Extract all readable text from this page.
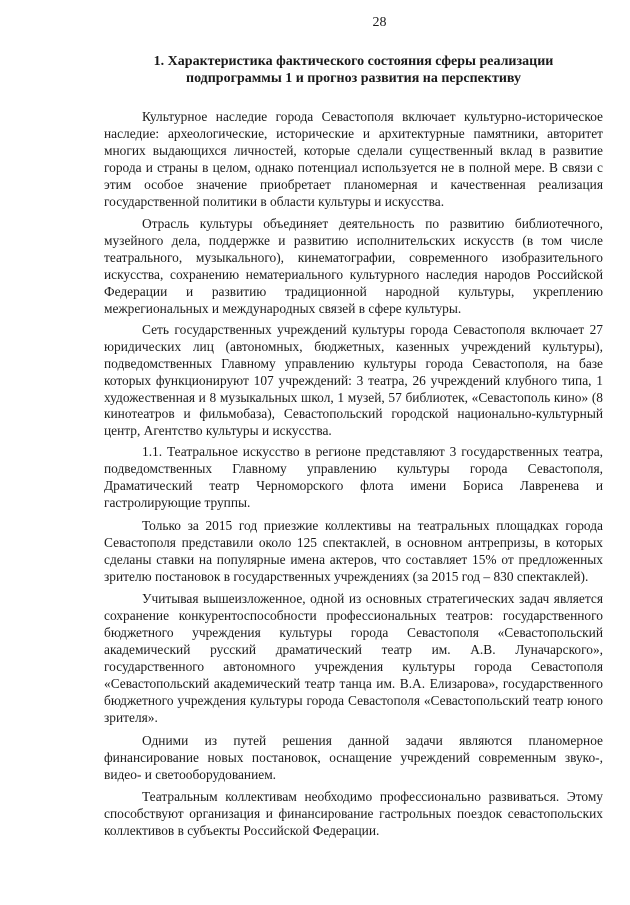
28
1. Характеристика фактического состояния сферы реализации
подпрограммы 1 и прогноз развития на перспективу

Культурное наследие города Севастополя включает культурно-историческое наследие: археологические, исторические и архитектурные памятники, авторитет многих выдающихся личностей, которые сделали существенный вклад в развитие города и страны в целом, однако потенциал используется не в полной мере. В связи с этим особое значение приобретает планомерная и качественная реализация государственной политики в области культуры и искусства.

Отрасль культуры объединяет деятельность по развитию библиотечного, музейного дела, поддержке и развитию исполнительских искусств (в том числе театрального, музыкального), кинематографии, современного изобразительного искусства, сохранению нематериального культурного наследия народов Российской Федерации и развитию традиционной народной культуры, укреплению межрегиональных и международных связей в сфере культуры.

Сеть государственных учреждений культуры города Севастополя включает 27 юридических лиц (автономных, бюджетных, казенных учреждений культуры), подведомственных Главному управлению культуры города Севастополя, на базе которых функционируют 107 учреждений: 3 театра, 26 учреждений клубного типа, 1 художественная и 8 музыкальных школ, 1 музей, 57 библиотек, «Севастополь кино» (8 кинотеатров и фильмобаза), Севастопольский городской национально-культурный центр, Агентство культуры и искусства.

1.1. Театральное искусство в регионе представляют 3 государственных театра, подведомственных Главному управлению культуры города Севастополя, Драматический театр Черноморского флота имени Бориса Лавренева и гастролирующие труппы.

Только за 2015 год приезжие коллективы на театральных площадках города Севастополя представили около 125 спектаклей, в основном антрепризы, в которых сделаны ставки на популярные имена актеров, что составляет 15% от предложенных зрителю постановок в государственных учреждениях (за 2015 год – 830 спектаклей).

Учитывая вышеизложенное, одной из основных стратегических задач является сохранение конкурентоспособности профессиональных театров: государственного бюджетного учреждения культуры города Севастополя «Севастопольский академический русский драматический театр им. А.В. Луначарского», государственного автономного учреждения культуры города Севастополя «Севастопольский академический театр танца им. В.А. Елизарова», государственного бюджетного учреждения культуры города Севастополя «Севастопольский театр юного зрителя».

Одними из путей решения данной задачи являются планомерное финансирование новых постановок, оснащение учреждений современным звуко-, видео- и светооборудованием.

Театральным коллективам необходимо профессионально развиваться. Этому способствуют организация и финансирование гастрольных поездок севастопольских коллективов в субъекты Российской Федерации.
